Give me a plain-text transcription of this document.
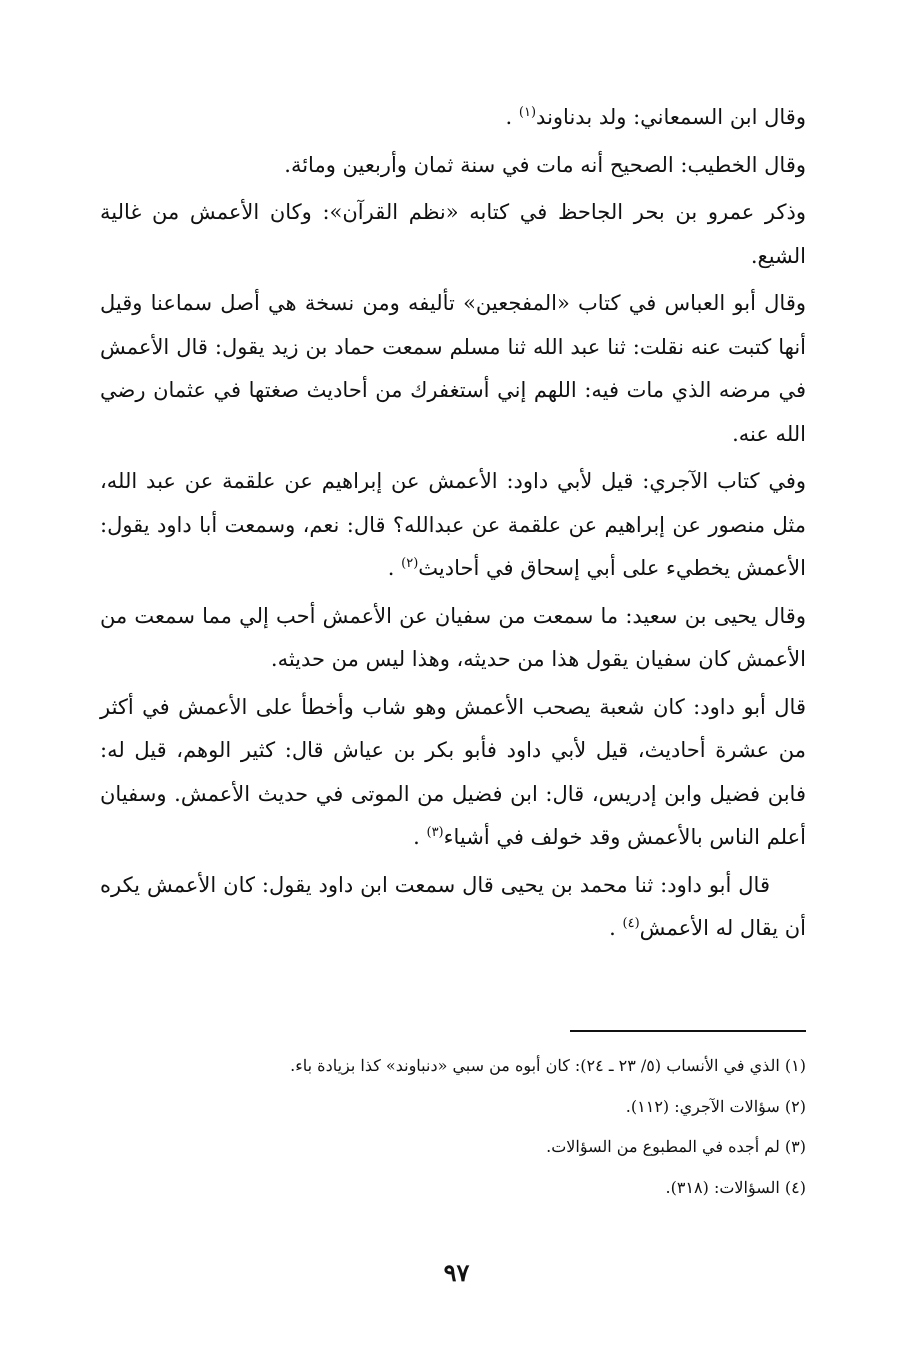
وقال ابن السمعاني: ولد بدناوند$^{(١)}$ .

وقال الخطيب: الصحيح أنه مات في سنة ثمان وأربعين ومائة.

وذكر عمرو بن بحر الجاحظ في كتابه «نظم القرآن»: وكان الأعمش من غالية الشيع.

وقال أبو العباس في كتاب «المفجعين» تأليفه ومن نسخة هي أصل سماعنا وقيل أنها كتبت عنه نقلت: ثنا عبد الله ثنا مسلم سمعت حماد بن زيد يقول: قال الأعمش في مرضه الذي مات فيه: اللهم إني أستغفرك من أحاديث صغتها في عثمان رضي الله عنه.

وفي كتاب الآجري: قيل لأبي داود: الأعمش عن إبراهيم عن علقمة عن عبد الله، مثل منصور عن إبراهيم عن علقمة عن عبدالله؟ قال: نعم، وسمعت أبا داود يقول: الأعمش يخطيء على أبي إسحاق في أحاديث$^{(٢)}$ .

وقال يحيى بن سعيد: ما سمعت من سفيان عن الأعمش أحب إلي مما سمعت من الأعمش كان سفيان يقول هذا من حديثه، وهذا ليس من حديثه.

قال أبو داود: كان شعبة يصحب الأعمش وهو شاب وأخطأ على الأعمش في أكثر من عشرة أحاديث، قيل لأبي داود فأبو بكر بن عياش قال: كثير الوهم، قيل له: فابن فضيل وابن إدريس، قال: ابن فضيل من الموتى في حديث الأعمش. وسفيان أعلم الناس بالأعمش وقد خولف في أشياء$^{(٣)}$ .

قال أبو داود: ثنا محمد بن يحيى قال سمعت ابن داود يقول: كان الأعمش يكره أن يقال له الأعمش$^{(٤)}$ .

(١) الذي في الأنساب (٥/ ٢٣ ـ ٢٤): كان أبوه من سبي «دنباوند» كذا بزيادة باء.

(٢) سؤالات الآجري: (١١٢).

(٣) لم أجده في المطبوع من السؤالات.

(٤) السؤالات: (٣١٨).

٩٧
